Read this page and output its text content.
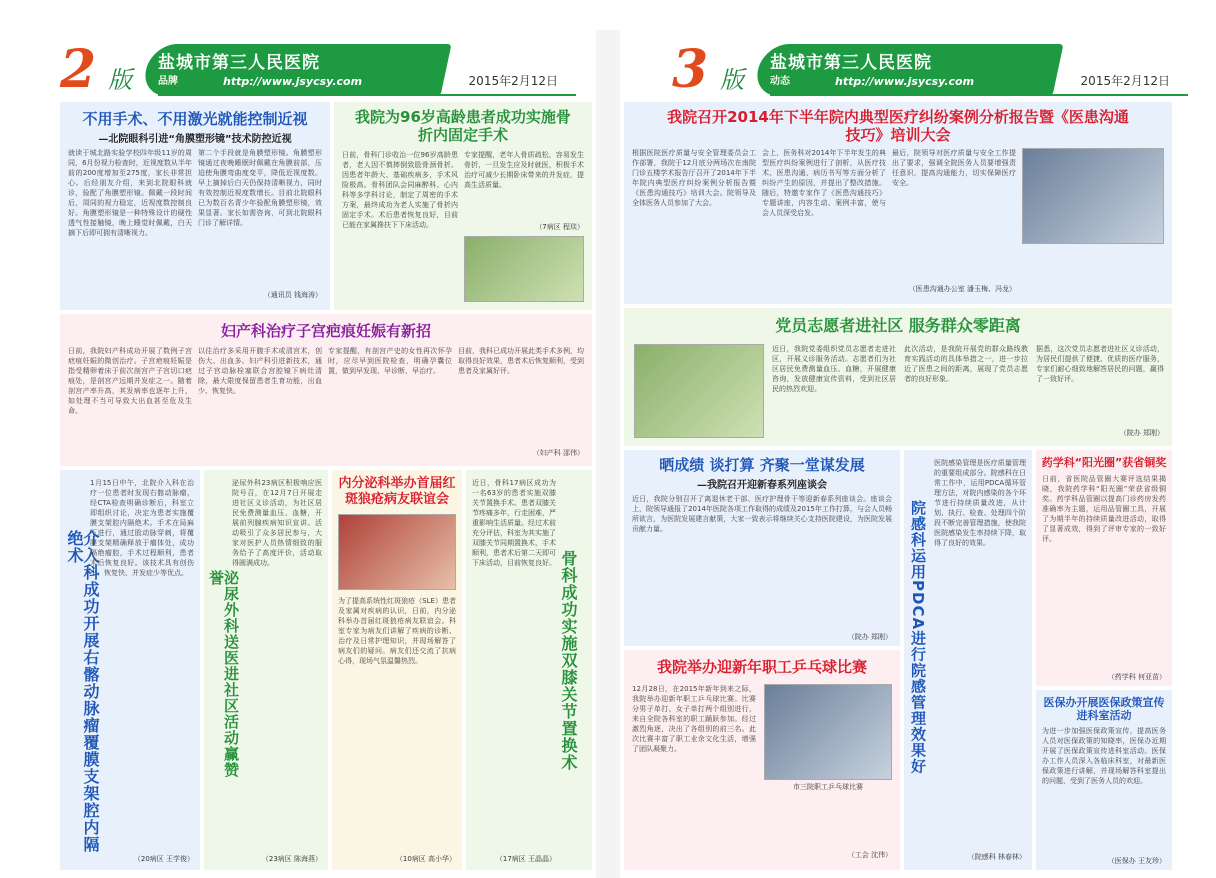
2 版
盐城市第三人民医院
品牌	http://www.jsycsy.com	2015年2月12日
不用手术、不用激光就能控制近视
—北院眼科引进“角膜塑形镜”技术防控近视
就读于城北路实验学校四年级11岁的周同，6月份视力检查时，近视度数从半年前的200度增加至275度，家长非常担心。后经朋友介绍，来到北院眼科就诊，验配了角膜塑形镜。佩戴一段时间后，周同的视力稳定，近视度数控制良好。角膜塑形镜是一种特殊设计的硬性透气性接触镜，晚上睡觉时佩戴，白天摘下后即可拥有清晰视力。
第二个手段就是角膜塑形镜。角膜塑形镜通过夜晚睡眠时佩戴在角膜前部，压迫使角膜弯曲度变平，降低近视度数。早上摘掉后白天仍保持清晰视力，同时有效控制近视度数增长。目前北院眼科已为数百名青少年验配角膜塑形镜，效果显著。家长如需咨询，可到北院眼科门诊了解详情。
（通讯员 钱海涛）
我院为96岁高龄患者成功实施骨折内固定手术
日前，骨科门诊收治一位96岁高龄患者，老人因不慎摔倒致股骨颈骨折。因患者年龄大、基础疾病多，手术风险极高。骨科团队会同麻醉科、心内科等多学科讨论，制定了周密的手术方案，最终成功为老人实施了骨折内固定手术。术后患者恢复良好，目前已能在家属搀扶下下床活动。
专家提醒，老年人骨质疏松，容易发生骨折，一旦发生应及时就医，积极手术治疗可减少长期卧床带来的并发症，提高生活质量。
（7病区 程琰）
妇产科治疗子宫疤痕妊娠有新招
日前，我院妇产科成功开展了数例子宫疤痕妊娠的微创治疗。子宫疤痕妊娠是指受精卵着床于前次剖宫产子宫切口疤痕处，是剖宫产远期并发症之一。随着剖宫产率升高，其发病率也逐年上升，如处理不当可导致大出血甚至危及生命。
以往治疗多采用开腹手术或清宫术，创伤大、出血多。妇产科引进新技术，通过子宫动脉栓塞联合宫腔镜下病灶清除，最大限度保留患者生育功能，出血少、恢复快。
专家提醒，有剖宫产史的女性再次怀孕时，应尽早到医院检查，明确孕囊位置，做到早发现、早诊断、早治疗。
目前，我科已成功开展此类手术多例，均取得良好效果，患者术后恢复顺利，受到患者及家属好评。
（妇产科 邵伟）
介入科成功开展右髂动脉瘤覆膜支架腔内隔绝术
1月15日中午，北院介入科在治疗一位患者时发现右髂动脉瘤，经CTA检查明确诊断后，科室立即组织讨论，决定为患者实施覆膜支架腔内隔绝术。手术在局麻下进行，通过股动脉穿刺，将覆膜支架精确释放于瘤体处，成功隔绝瘤腔，手术过程顺利，患者术后恢复良好。该技术具有创伤小、恢复快、并发症少等优点。
（20病区 王学俊）
泌尿外科送医进社区活动赢赞誉
泌尿外科23病区积极响应医院号召，在12月7日开展走进社区义诊活动，为社区居民免费测量血压、血糖，开展前列腺疾病知识宣讲。活动吸引了众多居民参与，大家对医护人员热情细致的服务给予了高度评价，活动取得圆满成功。
（23病区 陈海燕）
内分泌科举办首届红斑狼疮病友联谊会
为了提高系统性红斑狼疮（SLE）患者及家属对疾病的认识，日前，内分泌科举办首届红斑狼疮病友联谊会。科室专家为病友们讲解了疾病的诊断、治疗及日常护理知识，并现场解答了病友们的疑问。病友们还交流了抗病心得，现场气氛温馨热烈。
（10病区 高小华）
近日，骨科17病区成功为一名63岁的患者实施双膝关节置换手术。患者双膝关节疼痛多年，行走困难，严重影响生活质量。经过术前充分评估，科室为其实施了双膝关节同期置换术，手术顺利，患者术后第二天即可下床活动，目前恢复良好。 骨科成功实施双膝关节置换术
（17病区 王晶晶）
3 版
盐城市第三人民医院
动态	http://www.jsycsy.com	2015年2月12日
我院召开2014年下半年院内典型医疗纠纷案例分析报告暨《医患沟通技巧》培训大会
根据医院医疗质量与安全管理委员会工作部署，我院于12月底分两场次在南院门诊五楼学术报告厅召开了2014年下半年院内典型医疗纠纷案例分析报告暨《医患沟通技巧》培训大会。院领导及全体医务人员参加了大会。
会上，医务科对2014年下半年发生的典型医疗纠纷案例进行了剖析，从医疗技术、医患沟通、病历书写等方面分析了纠纷产生的原因，并提出了整改措施。随后，特邀专家作了《医患沟通技巧》专题讲座，内容生动、案例丰富，使与会人员深受启发。
最后，院领导对医疗质量与安全工作提出了要求，强调全院医务人员要增强责任意识，提高沟通能力，切实保障医疗安全。
（医患沟通办公室 潘玉梅、冯龙）
党员志愿者进社区 服务群众零距离
近日，我院党委组织党员志愿者走进社区，开展义诊服务活动。志愿者们为社区居民免费测量血压、血糖，开展健康咨询，发放健康宣传资料，受到社区居民的热烈欢迎。
此次活动，是我院开展党的群众路线教育实践活动的具体举措之一，进一步拉近了医患之间的距离，展现了党员志愿者的良好形象。
据悉，这次党员志愿者进社区义诊活动，为居民们提供了便捷、优质的医疗服务，专家们耐心细致地解答居民的问题，赢得了一致好评。
（院办 郑刚）
晒成绩 谈打算 齐聚一堂谋发展
—我院召开迎新春系列座谈会
近日，我院分别召开了离退休老干部、医疗护理骨干等迎新春系列座谈会。座谈会上，院领导通报了2014年医院各项工作取得的成绩及2015年工作打算，与会人员畅所欲言，为医院发展建言献策，大家一致表示将继续关心支持医院建设，为医院发展贡献力量。
（院办 郑刚） 院感科运用PDCA进行院感管理效果好
医院感染管理是医疗质量管理的重要组成部分。院感科在日常工作中，运用PDCA循环管理方法，对院内感染的各个环节进行持续质量改进，从计划、执行、检查、处理四个阶段不断完善管理措施，使我院医院感染发生率持续下降，取得了良好的效果。
（院感科 林春林）
药学科“阳光圈”获省铜奖
日前，省医院品管圈大赛评选结果揭晓，我院药学科“阳光圈”荣获省级铜奖。药学科品管圈以提高门诊药房发药准确率为主题，运用品管圈工具，开展了为期半年的持续质量改进活动，取得了显著成效，得到了评审专家的一致好评。
（药学科 何亚苗）
我院举办迎新年职工乒乓球比赛
12月28日，在2015年新年到来之际，我院举办迎新年职工乒乓球比赛。比赛分男子单打、女子单打两个组别进行，来自全院各科室的职工踊跃参加。经过激烈角逐，决出了各组别的前三名。此次比赛丰富了职工业余文化生活，增强了团队凝聚力。
市三院职工乒乓球比赛
（工会 沈伟）
医保办开展医保政策宣传进科室活动
为进一步加强医保政策宣传，提高医务人员对医保政策的知晓率，医保办近期开展了医保政策宣传进科室活动。医保办工作人员深入各临床科室，对最新医保政策进行讲解，并现场解答科室提出的问题，受到了医务人员的欢迎。
（医保办 王友珍）
